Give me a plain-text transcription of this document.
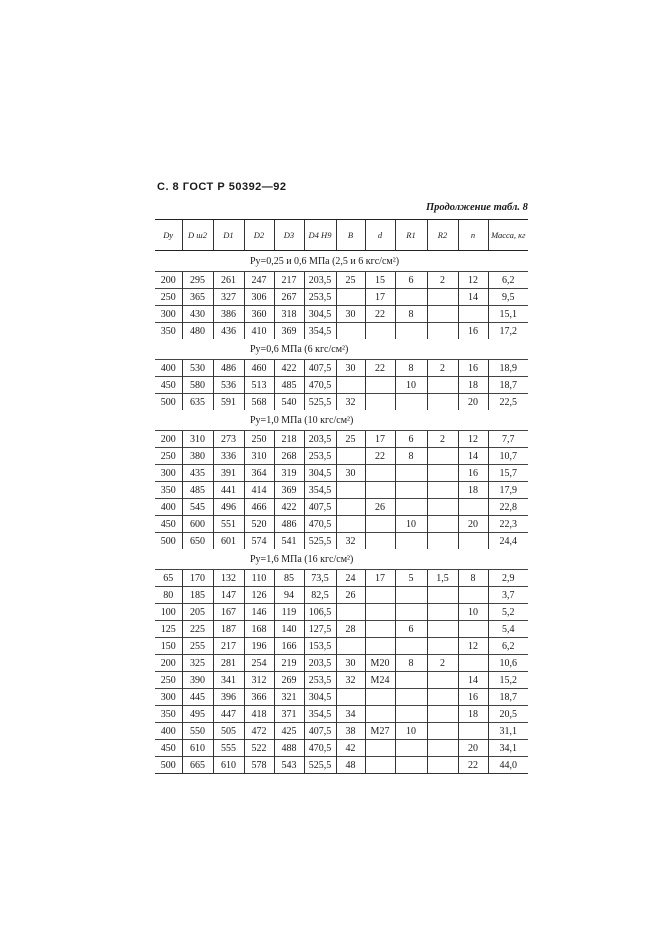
С. 8 ГОСТ Р 50392—92
Продолжение табл. 8
Dy	D ш2	D1	D2	D3	D4 Н9	B	d	R1	R2	n	Масса, кг
Py=0,25 и 0,6 МПа (2,5 и 6 кгс/см²)											
200	295	261	247	217	203,5	25	15	6	2	12	6,2
250	365	327	306	267	253,5		17			14	9,5
300	430	386	360	318	304,5	30	22	8			15,1
350	480	436	410	369	354,5					16	17,2
Py=0,6 МПа (6 кгс/см²)											
400	530	486	460	422	407,5	30	22	8	2	16	18,9
450	580	536	513	485	470,5			10		18	18,7
500	635	591	568	540	525,5	32				20	22,5
Py=1,0 МПа (10 кгс/см²)											
200	310	273	250	218	203,5	25	17	6	2	12	7,7
250	380	336	310	268	253,5		22	8		14	10,7
300	435	391	364	319	304,5	30				16	15,7
350	485	441	414	369	354,5					18	17,9
400	545	496	466	422	407,5		26				22,8
450	600	551	520	486	470,5			10		20	22,3
500	650	601	574	541	525,5	32					24,4
Py=1,6 МПа (16 кгс/см²)											
65	170	132	110	85	73,5	24	17	5	1,5	8	2,9
80	185	147	126	94	82,5	26					3,7
100	205	167	146	119	106,5					10	5,2
125	225	187	168	140	127,5	28		6			5,4
150	255	217	196	166	153,5					12	6,2
200	325	281	254	219	203,5	30	M20	8	2		10,6
250	390	341	312	269	253,5	32	M24			14	15,2
300	445	396	366	321	304,5					16	18,7
350	495	447	418	371	354,5	34				18	20,5
400	550	505	472	425	407,5	38	M27	10			31,1
450	610	555	522	488	470,5	42				20	34,1
500	665	610	578	543	525,5	48				22	44,0
